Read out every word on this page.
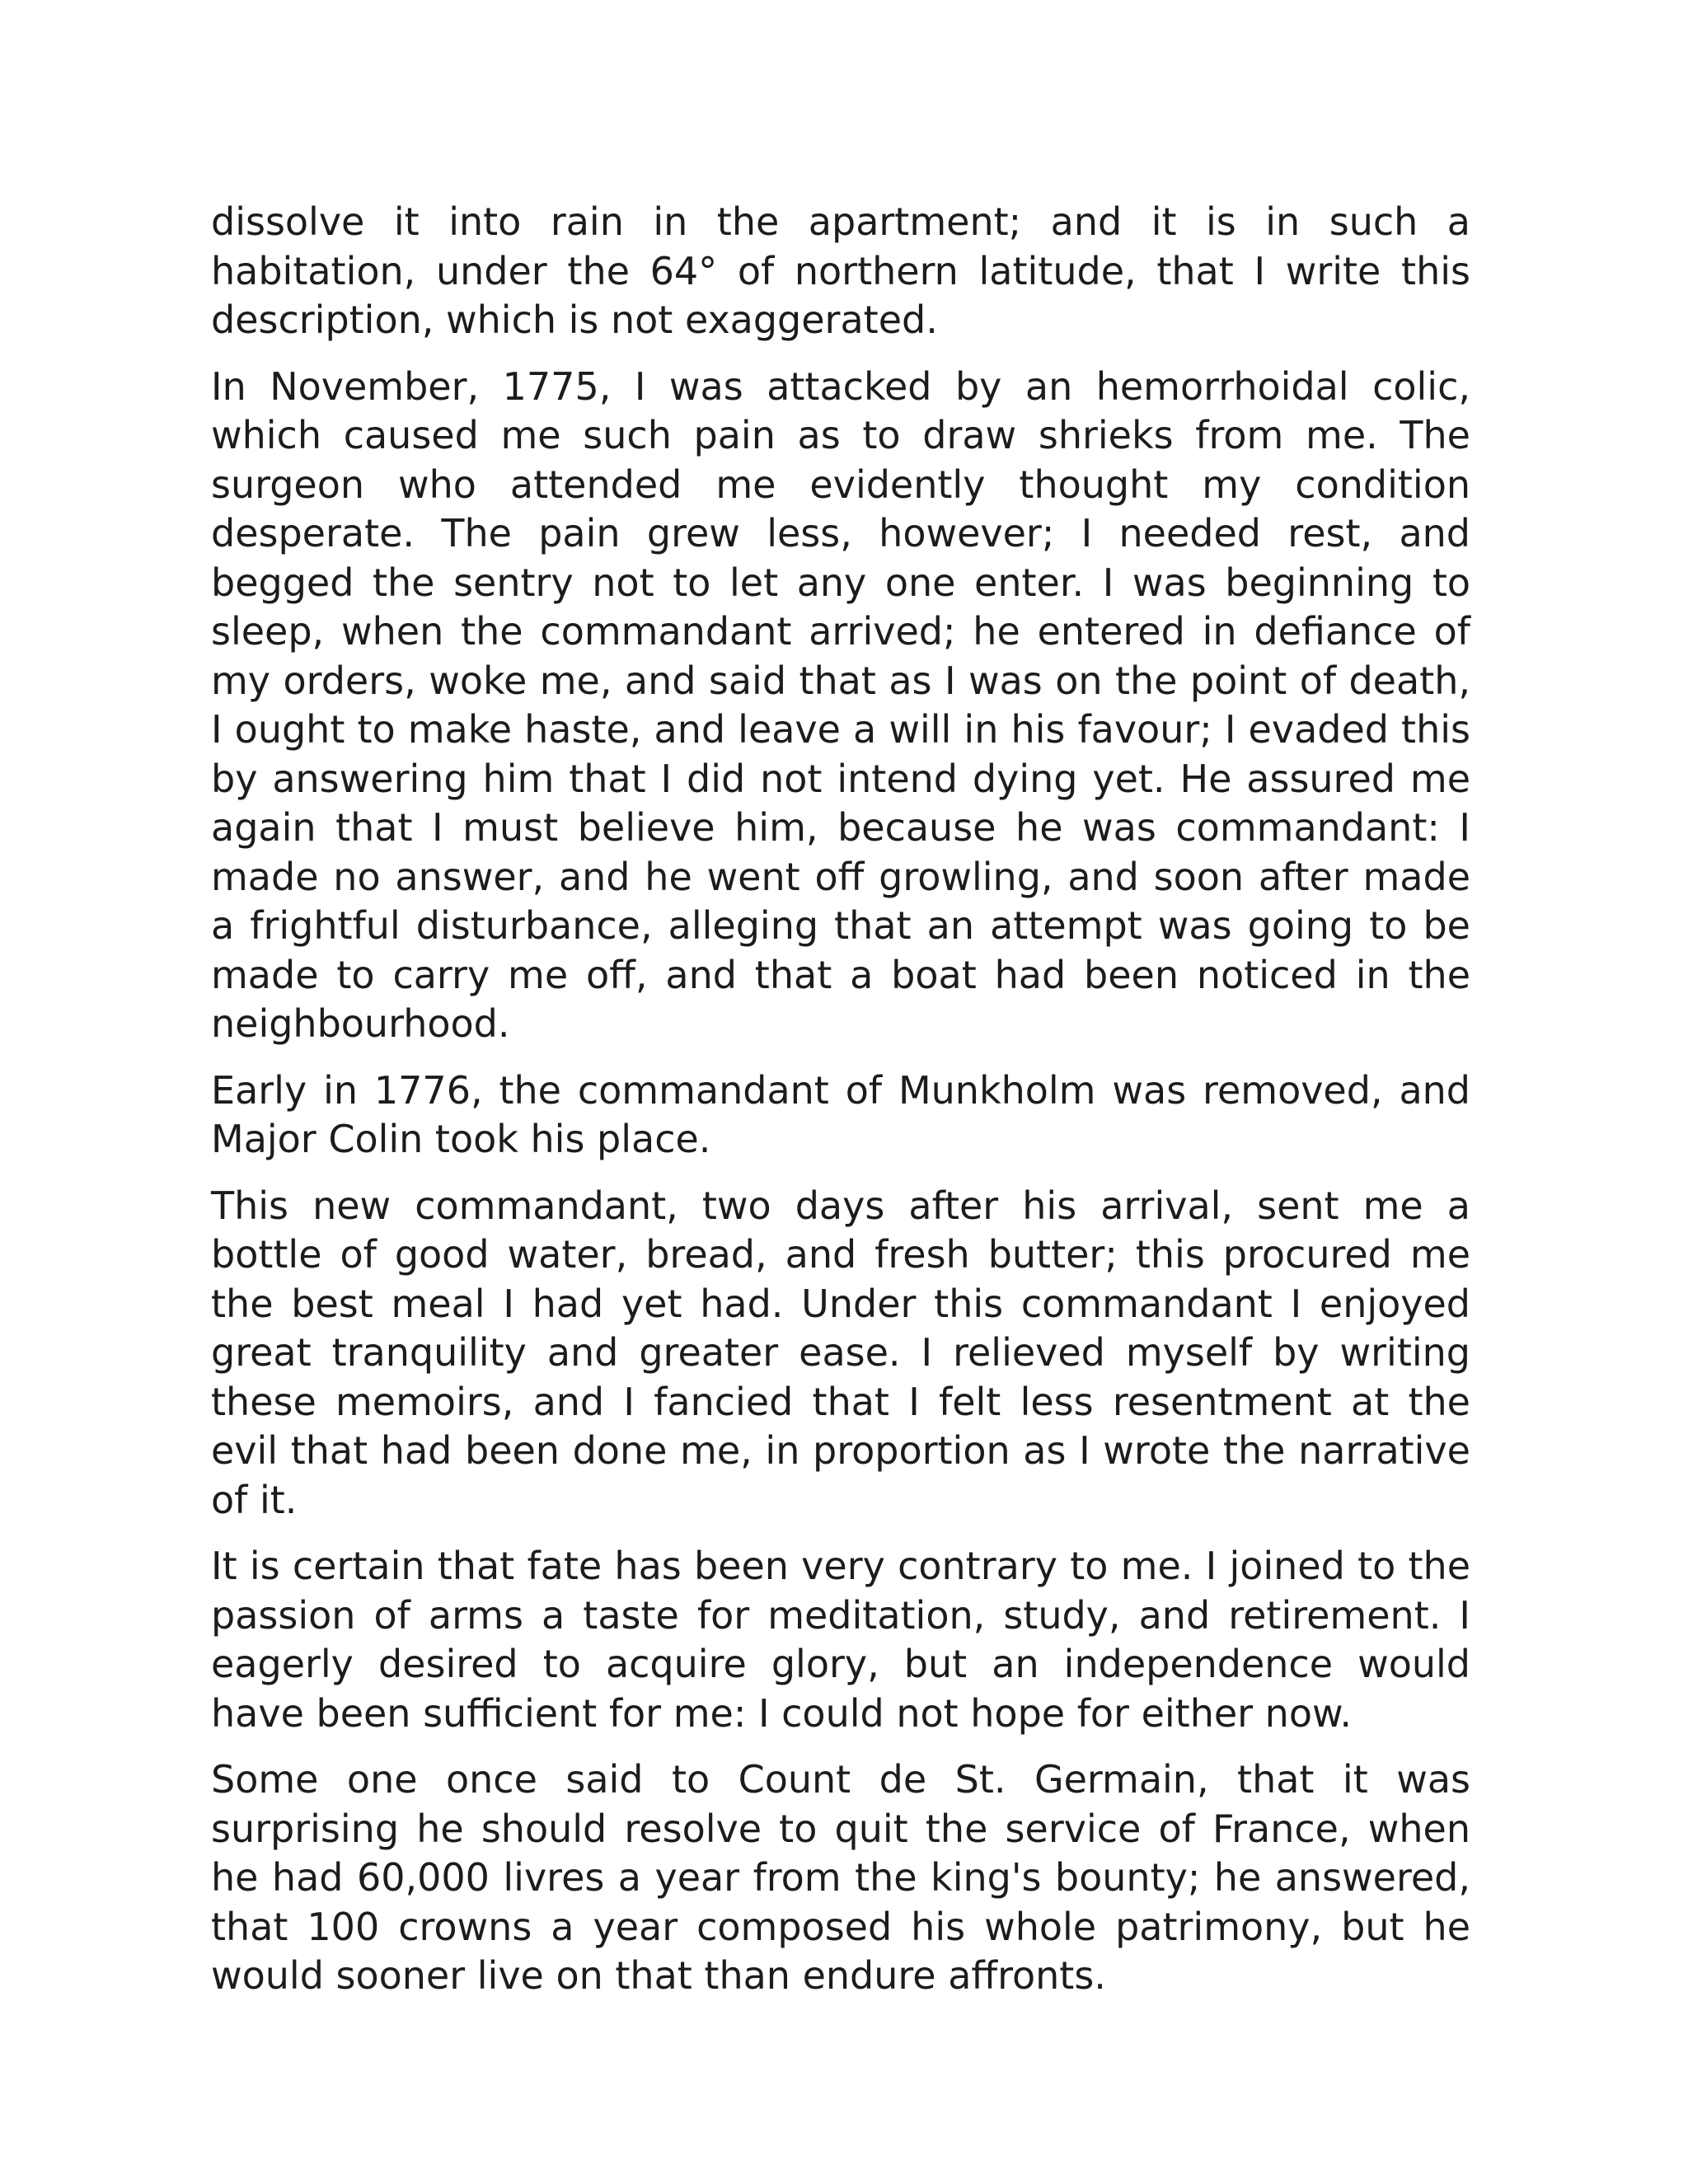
dissolve it into rain in the apartment; and it is in such a habitation, under the 64° of northern latitude, that I write this description, which is not exaggerated.

In November, 1775, I was attacked by an hemorrhoidal colic, which caused me such pain as to draw shrieks from me. The surgeon who attended me evidently thought my condition desperate. The pain grew less, however; I needed rest, and begged the sentry not to let any one enter. I was beginning to sleep, when the commandant arrived; he entered in defiance of my orders, woke me, and said that as I was on the point of death, I ought to make haste, and leave a will in his favour; I evaded this by answering him that I did not intend dying yet. He assured me again that I must believe him, because he was commandant: I made no answer, and he went off growling, and soon after made a frightful disturbance, alleging that an attempt was going to be made to carry me off, and that a boat had been noticed in the neighbourhood.

Early in 1776, the commandant of Munkholm was removed, and Major Colin took his place.

This new commandant, two days after his arrival, sent me a bottle of good water, bread, and fresh butter; this procured me the best meal I had yet had. Under this commandant I enjoyed great tranquility and greater ease. I relieved myself by writing these memoirs, and I fancied that I felt less resentment at the evil that had been done me, in proportion as I wrote the narrative of it.

It is certain that fate has been very contrary to me. I joined to the passion of arms a taste for meditation, study, and retirement. I eagerly desired to acquire glory, but an independence would have been sufficient for me: I could not hope for either now.

Some one once said to Count de St. Germain, that it was surprising he should resolve to quit the service of France, when he had 60,000 livres a year from the king's bounty; he answered, that 100 crowns a year composed his whole patrimony, but he would sooner live on that than endure affronts.
